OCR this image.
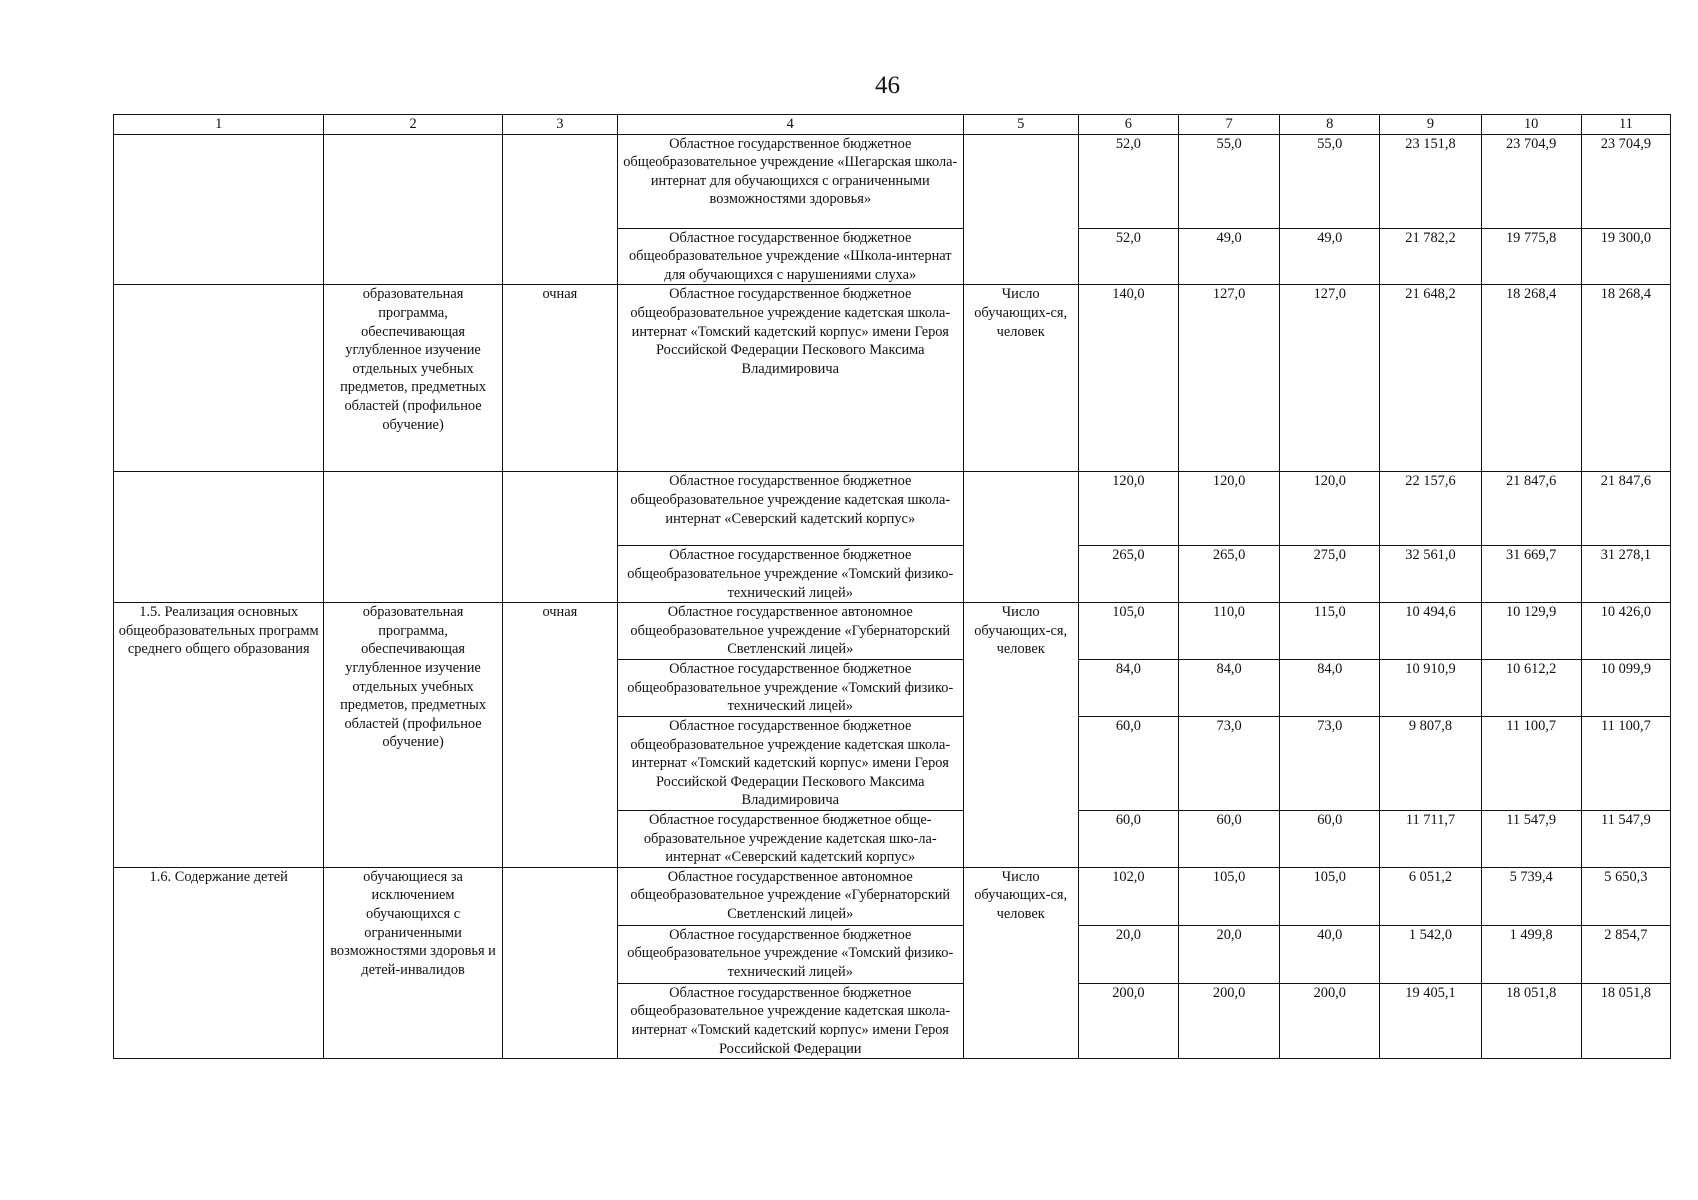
46
1	2	3	4	5	6	7	8	9	10	11
			Областное государственное бюджетное общеобразовательное учреждение «Шегарская школа-интернат для обучающихся с ограниченными возможностями здоровья»		52,0	55,0	55,0	23 151,8	23 704,9	23 704,9
			Областное государственное бюджетное общеобразовательное учреждение «Школа-интернат для обучающихся с нарушениями слуха»		52,0	49,0	49,0	21 782,2	19 775,8	19 300,0
	образовательная программа, обеспечивающая углубленное изучение отдельных учебных предметов, предметных областей (профильное обучение)	очная	Областное государственное бюджетное общеобразовательное учреждение кадетская школа-интернат «Томский кадетский корпус» имени Героя Российской Федерации Пескового Максима Владимировича	Число обучающих-ся, человек	140,0	127,0	127,0	21 648,2	18 268,4	18 268,4
			Областное государственное бюджетное общеобразовательное учреждение кадетская школа-интернат «Северский кадетский корпус»		120,0	120,0	120,0	22 157,6	21 847,6	21 847,6
			Областное государственное бюджетное общеобразовательное учреждение «Томский физико-технический лицей»		265,0	265,0	275,0	32 561,0	31 669,7	31 278,1
1.5. Реализация основных общеобразовательных программ среднего общего образования	образовательная программа, обеспечивающая углубленное изучение отдельных учебных предметов, предметных областей (профильное обучение)	очная	Областное государственное автономное общеобразовательное учреждение «Губернаторский Светленский лицей»	Число обучающих-ся, человек	105,0	110,0	115,0	10 494,6	10 129,9	10 426,0
			Областное государственное бюджетное общеобразовательное учреждение «Томский физико-технический лицей»		84,0	84,0	84,0	10 910,9	10 612,2	10 099,9
			Областное государственное бюджетное общеобразовательное учреждение кадетская школа-интернат «Томский кадетский корпус» имени Героя Российской Федерации Пескового Максима Владимировича		60,0	73,0	73,0	9 807,8	11 100,7	11 100,7
			Областное государственное бюджетное обще-образовательное учреждение кадетская шко-ла-интернат «Северский кадетский корпус»		60,0	60,0	60,0	11 711,7	11 547,9	11 547,9
1.6. Содержание детей	обучающиеся за исключением обучающихся с ограниченными возможностями здоровья и детей-инвалидов		Областное государственное автономное общеобразовательное учреждение «Губернаторский Светленский лицей»	Число обучающих-ся, человек	102,0	105,0	105,0	6 051,2	5 739,4	5 650,3
			Областное государственное бюджетное общеобразовательное учреждение «Томский физико-технический лицей»		20,0	20,0	40,0	1 542,0	1 499,8	2 854,7
			Областное государственное бюджетное общеобразовательное учреждение кадетская школа-интернат «Томский кадетский корпус» имени Героя Российской Федерации		200,0	200,0	200,0	19 405,1	18 051,8	18 051,8
